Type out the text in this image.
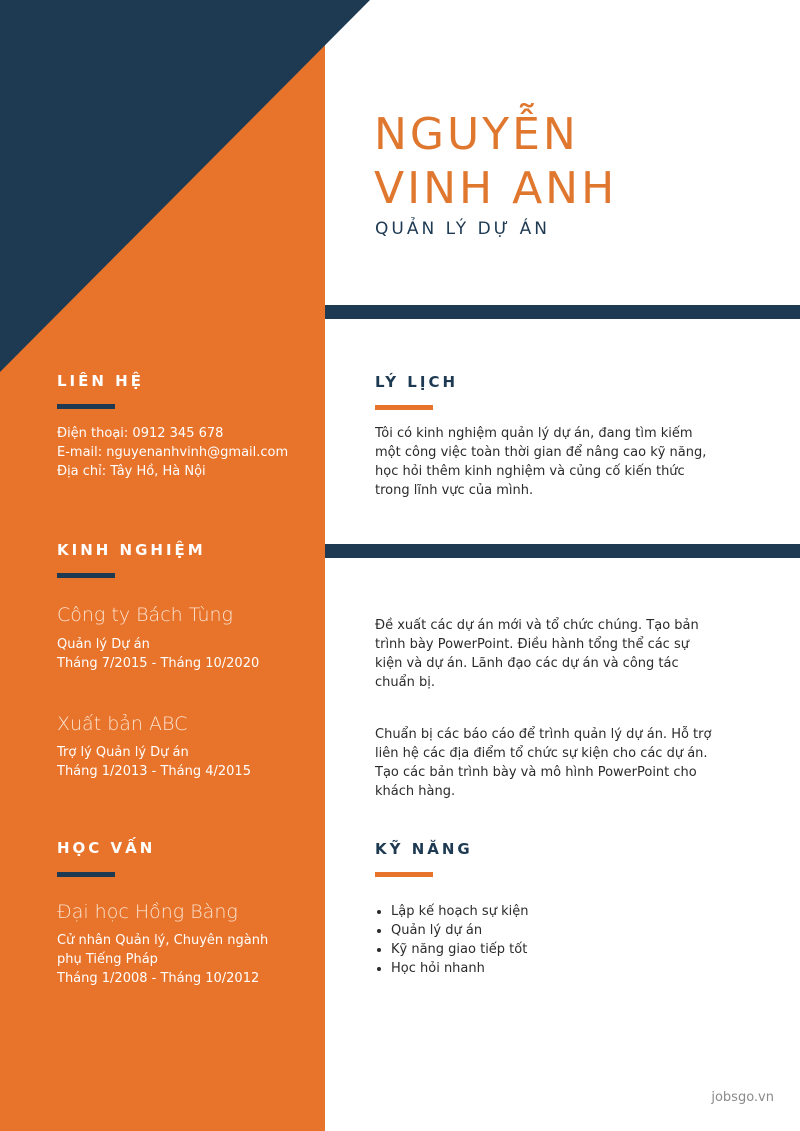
NGUYỄN
VINH ANH
QUẢN LÝ DỰ ÁN
LIÊN HỆ
Điện thoại: 0912 345 678
E-mail: nguyenanhvinh@gmail.com
Địa chỉ: Tây Hồ, Hà Nội
KINH NGHIỆM
Công ty Bách Tùng
Quản lý Dự án
Tháng 7/2015 - Tháng 10/2020
Xuất bản ABC
Trợ lý Quản lý Dự án
Tháng 1/2013 - Tháng 4/2015
HỌC VẤN
Đại học Hồng Bàng
Cử nhân Quản lý, Chuyên ngành phụ Tiếng Pháp
Tháng 1/2008 - Tháng 10/2012
LÝ LỊCH
Tôi có kinh nghiệm quản lý dự án, đang tìm kiếm một công việc toàn thời gian để nâng cao kỹ năng, học hỏi thêm kinh nghiệm và củng cố kiến thức trong lĩnh vực của mình.
Đề xuất các dự án mới và tổ chức chúng. Tạo bản trình bày PowerPoint. Điều hành tổng thể các sự kiện và dự án. Lãnh đạo các dự án và công tác chuẩn bị.
Chuẩn bị các báo cáo để trình quản lý dự án. Hỗ trợ liên hệ các địa điểm tổ chức sự kiện cho các dự án. Tạo các bản trình bày và mô hình PowerPoint cho khách hàng.
KỸ NĂNG
• Lập kế hoạch sự kiện
• Quản lý dự án
• Kỹ năng giao tiếp tốt
• Học hỏi nhanh
jobsgo.vn
